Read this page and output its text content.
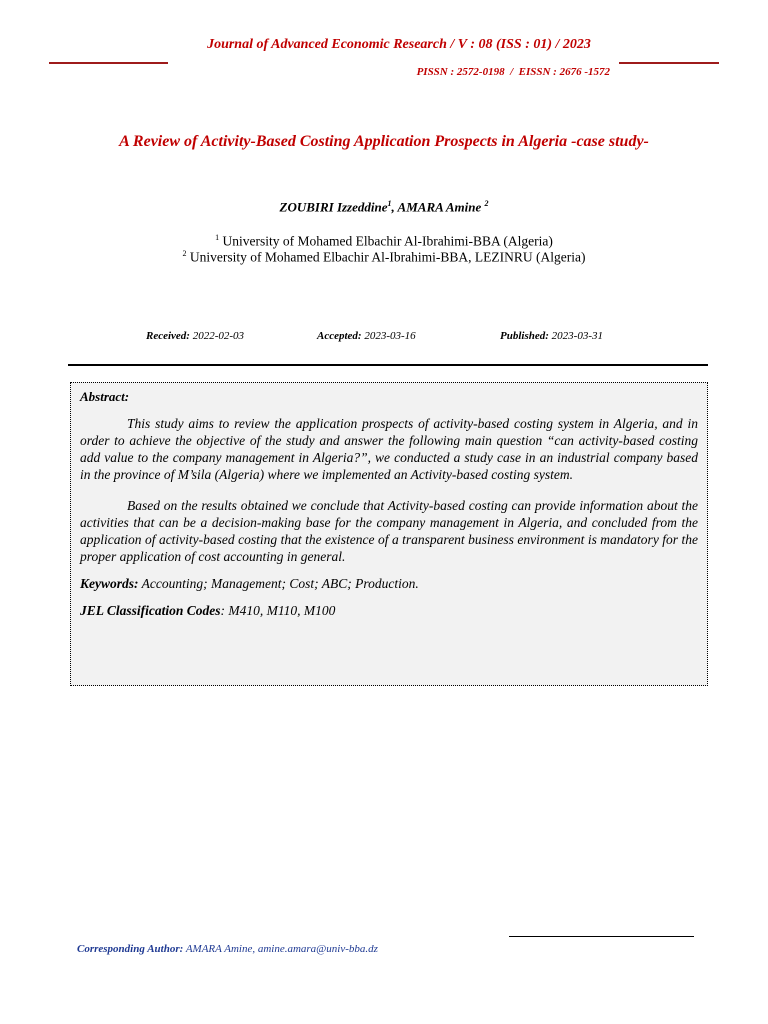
Journal of Advanced Economic Research / V : 08 (ISS : 01) / 2023
PISSN : 2572-0198  /  EISSN : 2676 -1572
A Review of Activity-Based Costing Application Prospects in Algeria -case study-
ZOUBIRI Izzeddine$^1$, AMARA Amine $^2$
$^1$ University of Mohamed Elbachir Al-Ibrahimi-BBA (Algeria)
$^2$ University of Mohamed Elbachir Al-Ibrahimi-BBA, LEZINRU (Algeria)
Received: 2022-02-03	Accepted: 2023-03-16	Published: 2023-03-31
Abstract:

This study aims to review the application prospects of activity-based costing system in Algeria, and in order to achieve the objective of the study and answer the following main question “can activity-based costing add value to the company management in Algeria?”, we conducted a study case in an industrial company based in the province of M’sila (Algeria) where we implemented an Activity-based costing system.

Based on the results obtained we conclude that Activity-based costing can provide information about the activities that can be a decision-making base for the company management in Algeria, and concluded from the application of activity-based costing that the existence of a transparent business environment is mandatory for the proper application of cost accounting in general.

Keywords: Accounting; Management; Cost; ABC; Production.
JEL Classification Codes: M410, M110, M100
Corresponding Author: AMARA Amine, amine.amara@univ-bba.dz
